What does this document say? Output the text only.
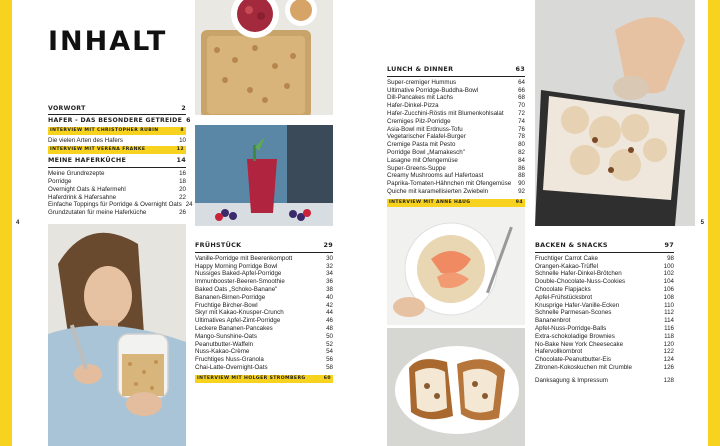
4	5
INHALT
VORWORT	2
HAFER - DAS BESONDERE GETREIDE 6
INTERVIEW MIT CHRISTOPHER RUBIN	8
Die vielen Arten des Hafers	10
INTERVIEW MIT VERENA FRANKE	12
MEINE HAFERKÜCHE	14
Meine Grundrezepte	16
Porridge	18
Overnight Oats & Hafermehl	20
Haferdrink & Hafersahne	22
Einfache Toppings für Porridge & Overnight Oats 24
Grundzutaten für meine Haferküche	26
FRÜHSTÜCK	29
Vanille-Porridge mit Beerenkompott	30
Happy Morning Porridge Bowl	32
Nussiges Baked-Apfel-Porridge	34
Immunbooster-Beeren-Smoothie	36
Baked Oats „Schoko-Banane"	38
Bananen-Birnen-Porridge	40
Fruchtige Bircher-Bowl	42
Skyr mit Kakao-Knusper-Crunch	44
Ultimatives Apfel-Zimt-Porridge	46
Leckere Bananen-Pancakes	48
Mango-Sunshine-Oats	50
Peanutbutter-Waffeln	52
Nuss-Kakao-Crème	54
Fruchtiges Nuss-Granola	56
Chai-Latte-Overnight-Oats	58
INTERVIEW MIT HOLGER STROMBERG	60
LUNCH & DINNER	63
Super-cremiger Hummus	64
Ultimative Porridge-Buddha-Bowl	66
Dill-Pancakes mit Lachs	68
Hafer-Dinkel-Pizza	70
Hafer-Zucchini-Röstis mit Blumenkohlsalat	72
Cremiges Pilz-Porridge	74
Asia-Bowl mit Erdnuss-Tofu	76
Vegetarischer Falafel-Burger	78
Cremige Pasta mit Pesto	80
Porridge Bowl „Mamakesch"	82
Lasagne mit Ofengemüse	84
Super-Greens-Suppe	86
Creamy Mushrooms auf Hafertoast	88
Paprika-Tomaten-Hähnchen mit Ofengemüse	90
Quiche mit karamellisierten Zwiebeln	92
INTERVIEW MIT ANNE HAUG	94
BACKEN & SNACKS	97
Fruchtiger Carrot Cake	98
Orangen-Kakao-Trüffel	100
Schnelle Hafer-Dinkel-Brötchen	102
Double-Chocolate-Nuss-Cookies	104
Chocolate Flapjacks	106
Apfel-Frühstücksbrot	108
Knusprige Hafer-Vanille-Ecken	110
Schnelle Parmesan-Scones	112
Bananenbrot	114
Apfel-Nuss-Porridge-Balls	116
Extra-schokoladige Brownies	118
No-Bake New York Cheesecake	120
Hafervollkornbrot	122
Chocolate-Peanutbutter-Eis	124
Zitronen-Kokoskuchen mit Crumble	126
Danksagung & Impressum	128
